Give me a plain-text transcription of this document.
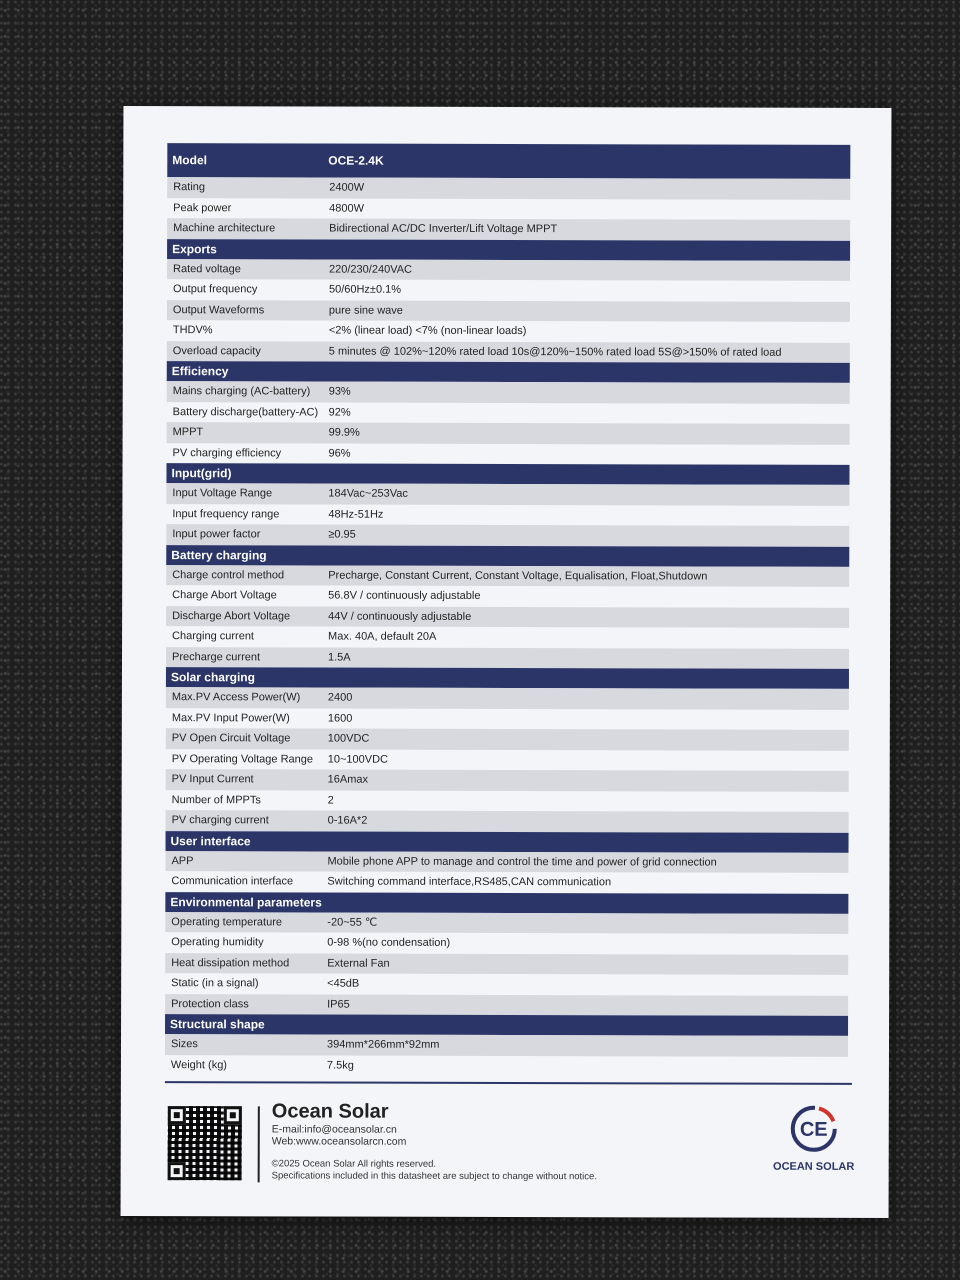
Model	OCE-2.4K
Rating	2400W
Peak power	4800W
Machine architecture	Bidirectional AC/DC Inverter/Lift Voltage MPPT
Exports
Rated voltage	220/230/240VAC
Output frequency	50/60Hz±0.1%
Output Waveforms	pure sine wave
THDV%	<2% (linear load) <7% (non-linear loads)
Overload capacity	5 minutes @ 102%~120% rated load 10s@120%~150% rated load 5S@>150% of rated load
Efficiency
Mains charging (AC-battery)	93%
Battery discharge(battery-AC) 92%
MPPT	99.9%
PV charging efficiency	96%
Input(grid)
Input Voltage Range	184Vac~253Vac
Input frequency range	48Hz-51Hz
Input power factor	≥0.95
Battery charging
Charge control method	Precharge, Constant Current, Constant Voltage, Equalisation, Float,Shutdown
Charge Abort Voltage	56.8V / continuously adjustable
Discharge Abort Voltage	44V / continuously adjustable
Charging current	Max. 40A, default 20A
Precharge current	1.5A
Solar charging
Max.PV Access Power(W)	2400
Max.PV Input Power(W)	1600
PV Open Circuit Voltage	100VDC
PV Operating Voltage Range	10~100VDC
PV Input Current	16Amax
Number of MPPTs	2
PV charging current	0-16A*2
User interface
APP	Mobile phone APP to manage and control the time and power of grid connection
Communication interface	Switching command interface,RS485,CAN communication
Environmental parameters
Operating temperature	-20~55 ℃
Operating humidity	0-98 %(no condensation)
Heat dissipation method	External Fan
Static (in a signal)	<45dB
Protection class	IP65
Structural shape
Sizes	394mm*266mm*92mm
Weight (kg)	7.5kg
Ocean Solar
E-mail:info@oceansolar.cn
Web:www.oceansolarcn.com
©2025 Ocean Solar All rights reserved.
Specifications included in this datasheet are subject to change without notice.
CE
OCEAN SOLAR
